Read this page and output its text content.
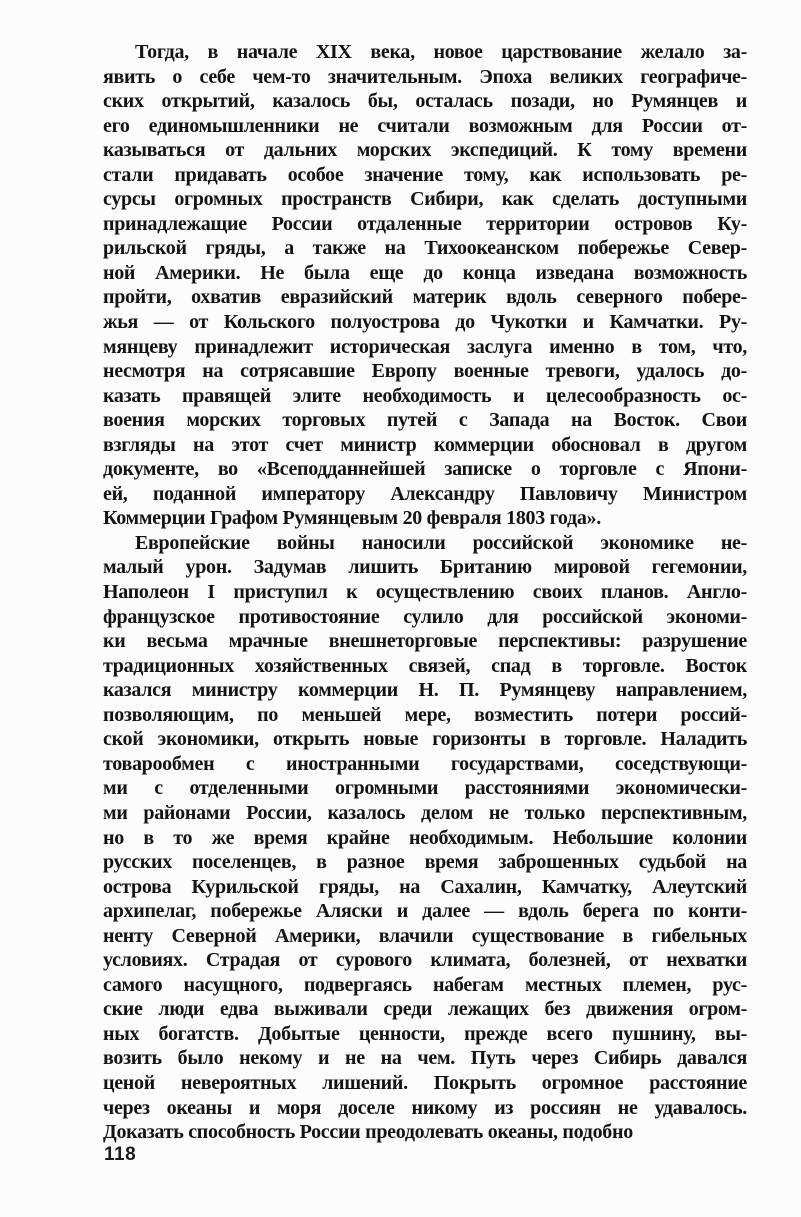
Тогда, в начале XIX века, новое царствование желало за-
явить о себе чем-то значительным. Эпоха великих географиче-
ских открытий, казалось бы, осталась позади, но Румянцев и
его единомышленники не считали возможным для России от-
казываться от дальних морских экспедиций. К тому времени
стали придавать особое значение тому, как использовать ре-
сурсы огромных пространств Сибири, как сделать доступными
принадлежащие России отдаленные территории островов Ку-
рильской гряды, а также на Тихоокеанском побережье Север-
ной Америки. Не была еще до конца изведана возможность
пройти, охватив евразийский материк вдоль северного побере-
жья — от Кольского полуострова до Чукотки и Камчатки. Ру-
мянцеву принадлежит историческая заслуга именно в том, что,
несмотря на сотрясавшие Европу военные тревоги, удалось до-
казать правящей элите необходимость и целесообразность ос-
воения морских торговых путей с Запада на Восток. Свои
взгляды на этот счет министр коммерции обосновал в другом
документе, во «Всеподданнейшей записке о торговле с Япони-
ей, поданной императору Александру Павловичу Министром
Коммерции Графом Румянцевым 20 февраля 1803 года».
Европейские войны наносили российской экономике не-
малый урон. Задумав лишить Британию мировой гегемонии,
Наполеон I приступил к осуществлению своих планов. Англо-
французское противостояние сулило для российской экономи-
ки весьма мрачные внешнеторговые перспективы: разрушение
традиционных хозяйственных связей, спад в торговле. Восток
казался министру коммерции Н. П. Румянцеву направлением,
позволяющим, по меньшей мере, возместить потери россий-
ской экономики, открыть новые горизонты в торговле. Наладить
товарообмен с иностранными государствами, соседствующи-
ми с отделенными огромными расстояниями экономически-
ми районами России, казалось делом не только перспективным,
но в то же время крайне необходимым. Небольшие колонии
русских поселенцев, в разное время заброшенных судьбой на
острова Курильской гряды, на Сахалин, Камчатку, Алеутский
архипелаг, побережье Аляски и далее — вдоль берега по конти-
ненту Северной Америки, влачили существование в гибельных
условиях. Страдая от сурового климата, болезней, от нехватки
самого насущного, подвергаясь набегам местных племен, рус-
ские люди едва выживали среди лежащих без движения огром-
ных богатств. Добытые ценности, прежде всего пушнину, вы-
возить было некому и не на чем. Путь через Сибирь давался
ценой невероятных лишений. Покрыть огромное расстояние
через океаны и моря доселе никому из россиян не удавалось.
Доказать способность России преодолевать океаны, подобно
118
